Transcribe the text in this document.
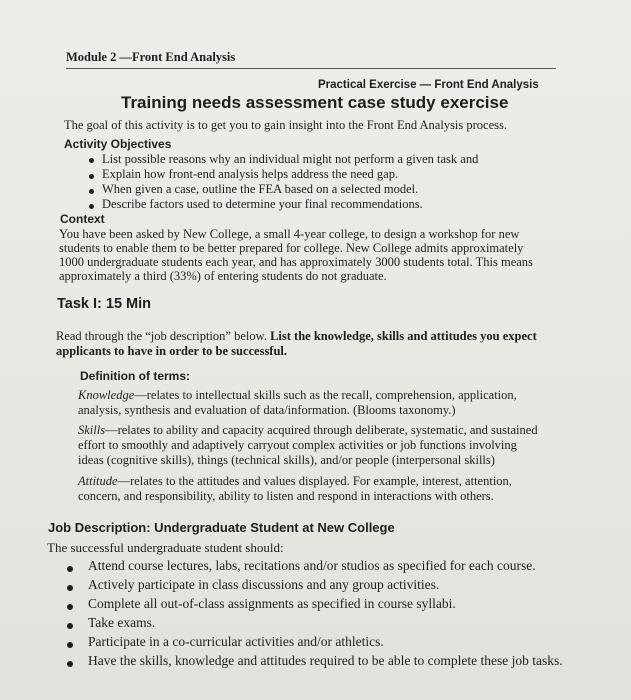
Module 2 —Front End Analysis
Practical Exercise — Front End Analysis
Training needs assessment case study exercise
The goal of this activity is to get you to gain insight into the Front End Analysis process.
Activity Objectives
List possible reasons why an individual might not perform a given task and
Explain how front-end analysis helps address the need gap.
When given a case, outline the FEA based on a selected model.
Describe factors used to determine your final recommendations.
Context
You have been asked by New College, a small 4-year college, to design a workshop for new
students to enable them to be better prepared for college. New College admits approximately
1000 undergraduate students each year, and has approximately 3000 students total. This means
approximately a third (33%) of entering students do not graduate.
Task I: 15 Min
Read through the “job description” below. List the knowledge, skills and attitudes you expect
applicants to have in order to be successful.
Definition of terms:
Knowledge—relates to intellectual skills such as the recall, comprehension, application,
analysis, synthesis and evaluation of data/information. (Blooms taxonomy.)
Skills—relates to ability and capacity acquired through deliberate, systematic, and sustained
effort to smoothly and adaptively carryout complex activities or job functions involving
ideas (cognitive skills), things (technical skills), and/or people (interpersonal skills)
Attitude—relates to the attitudes and values displayed. For example, interest, attention,
concern, and responsibility, ability to listen and respond in interactions with others.
Job Description: Undergraduate Student at New College
The successful undergraduate student should:
Attend course lectures, labs, recitations and/or studios as specified for each course.
Actively participate in class discussions and any group activities.
Complete all out-of-class assignments as specified in course syllabi.
Take exams.
Participate in a co-curricular activities and/or athletics.
Have the skills, knowledge and attitudes required to be able to complete these job tasks.
